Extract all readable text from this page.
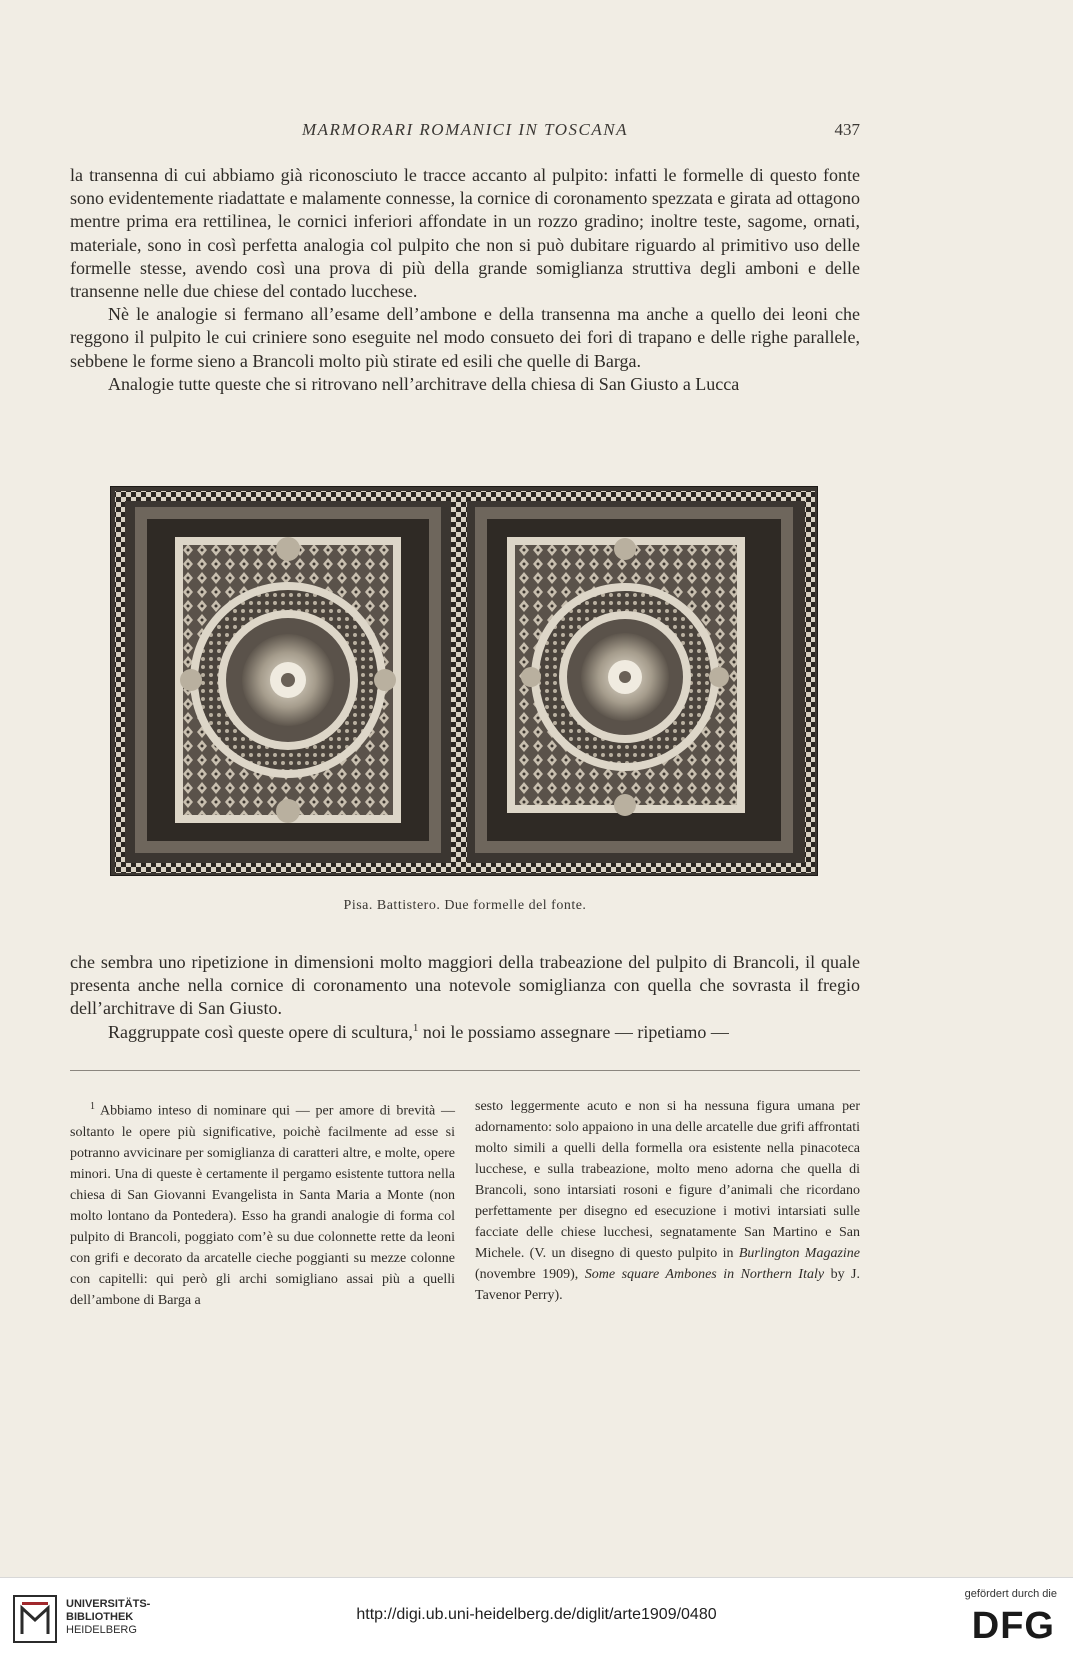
MARMORARI ROMANICI IN TOSCANA	437

la transenna di cui abbiamo già riconosciuto le tracce accanto al pulpito: infatti le formelle di questo fonte sono evidentemente riadattate e malamente connesse, la cornice di coronamento spezzata e girata ad ottagono mentre prima era rettilinea, le cornici inferiori affondate in un rozzo gradino; inoltre teste, sagome, ornati, materiale, sono in così perfetta analogia col pulpito che non si può dubitare riguardo al primitivo uso delle formelle stesse, avendo così una prova di più della grande somiglianza struttiva degli amboni e delle transenne nelle due chiese del contado lucchese.

Nè le analogie si fermano all’esame dell’ambone e della transenna ma anche a quello dei leoni che reggono il pulpito le cui criniere sono eseguite nel modo consueto dei fori di trapano e delle righe parallele, sebbene le forme sieno a Brancoli molto più stirate ed esili che quelle di Barga.

Analogie tutte queste che si ritrovano nell’architrave della chiesa di San Giusto a Lucca

Pisa. Battistero. Due formelle del fonte.

che sembra uno ripetizione in dimensioni molto maggiori della trabeazione del pulpito di Brancoli, il quale presenta anche nella cornice di coronamento una notevole somiglianza con quella che sovrasta il fregio dell’architrave di San Giusto.

Raggruppate così queste opere di scultura,$^1$ noi le possiamo assegnare — ripetiamo —

$^1$ Abbiamo inteso di nominare qui — per amore di brevità — soltanto le opere più significative, poichè facilmente ad esse si potranno avvicinare per somiglianza di caratteri altre, e molte, opere minori. Una di queste è certamente il pergamo esistente tuttora nella chiesa di San Giovanni Evangelista in Santa Maria a Monte (non molto lontano da Pontedera). Esso ha grandi analogie di forma col pulpito di Brancoli, poggiato com’è su due colonnette rette da leoni con grifi e decorato da arcatelle cieche poggianti su mezze colonne con capitelli: qui però gli archi somigliano assai più a quelli dell’ambone di Barga a

sesto leggermente acuto e non si ha nessuna figura umana per adornamento: solo appaiono in una delle arcatelle due grifi affrontati molto simili a quelli della formella ora esistente nella pinacoteca lucchese, e sulla trabeazione, molto meno adorna che quella di Brancoli, sono intarsiati rosoni e figure d’animali che ricordano perfettamente per disegno ed esecuzione i motivi intarsiati sulle facciate delle chiese lucchesi, segnatamente San Martino e San Michele. (V. un disegno di questo pulpito in Burlington Magazine (novembre 1909), Some square Ambones in Northern Italy by J. Tavenor Perry).

UNIVERSITÄTS-
BIBLIOTHEK
HEIDELBERG
http://digi.ub.uni-heidelberg.de/diglit/arte1909/0480
gefördert durch die
DFG
